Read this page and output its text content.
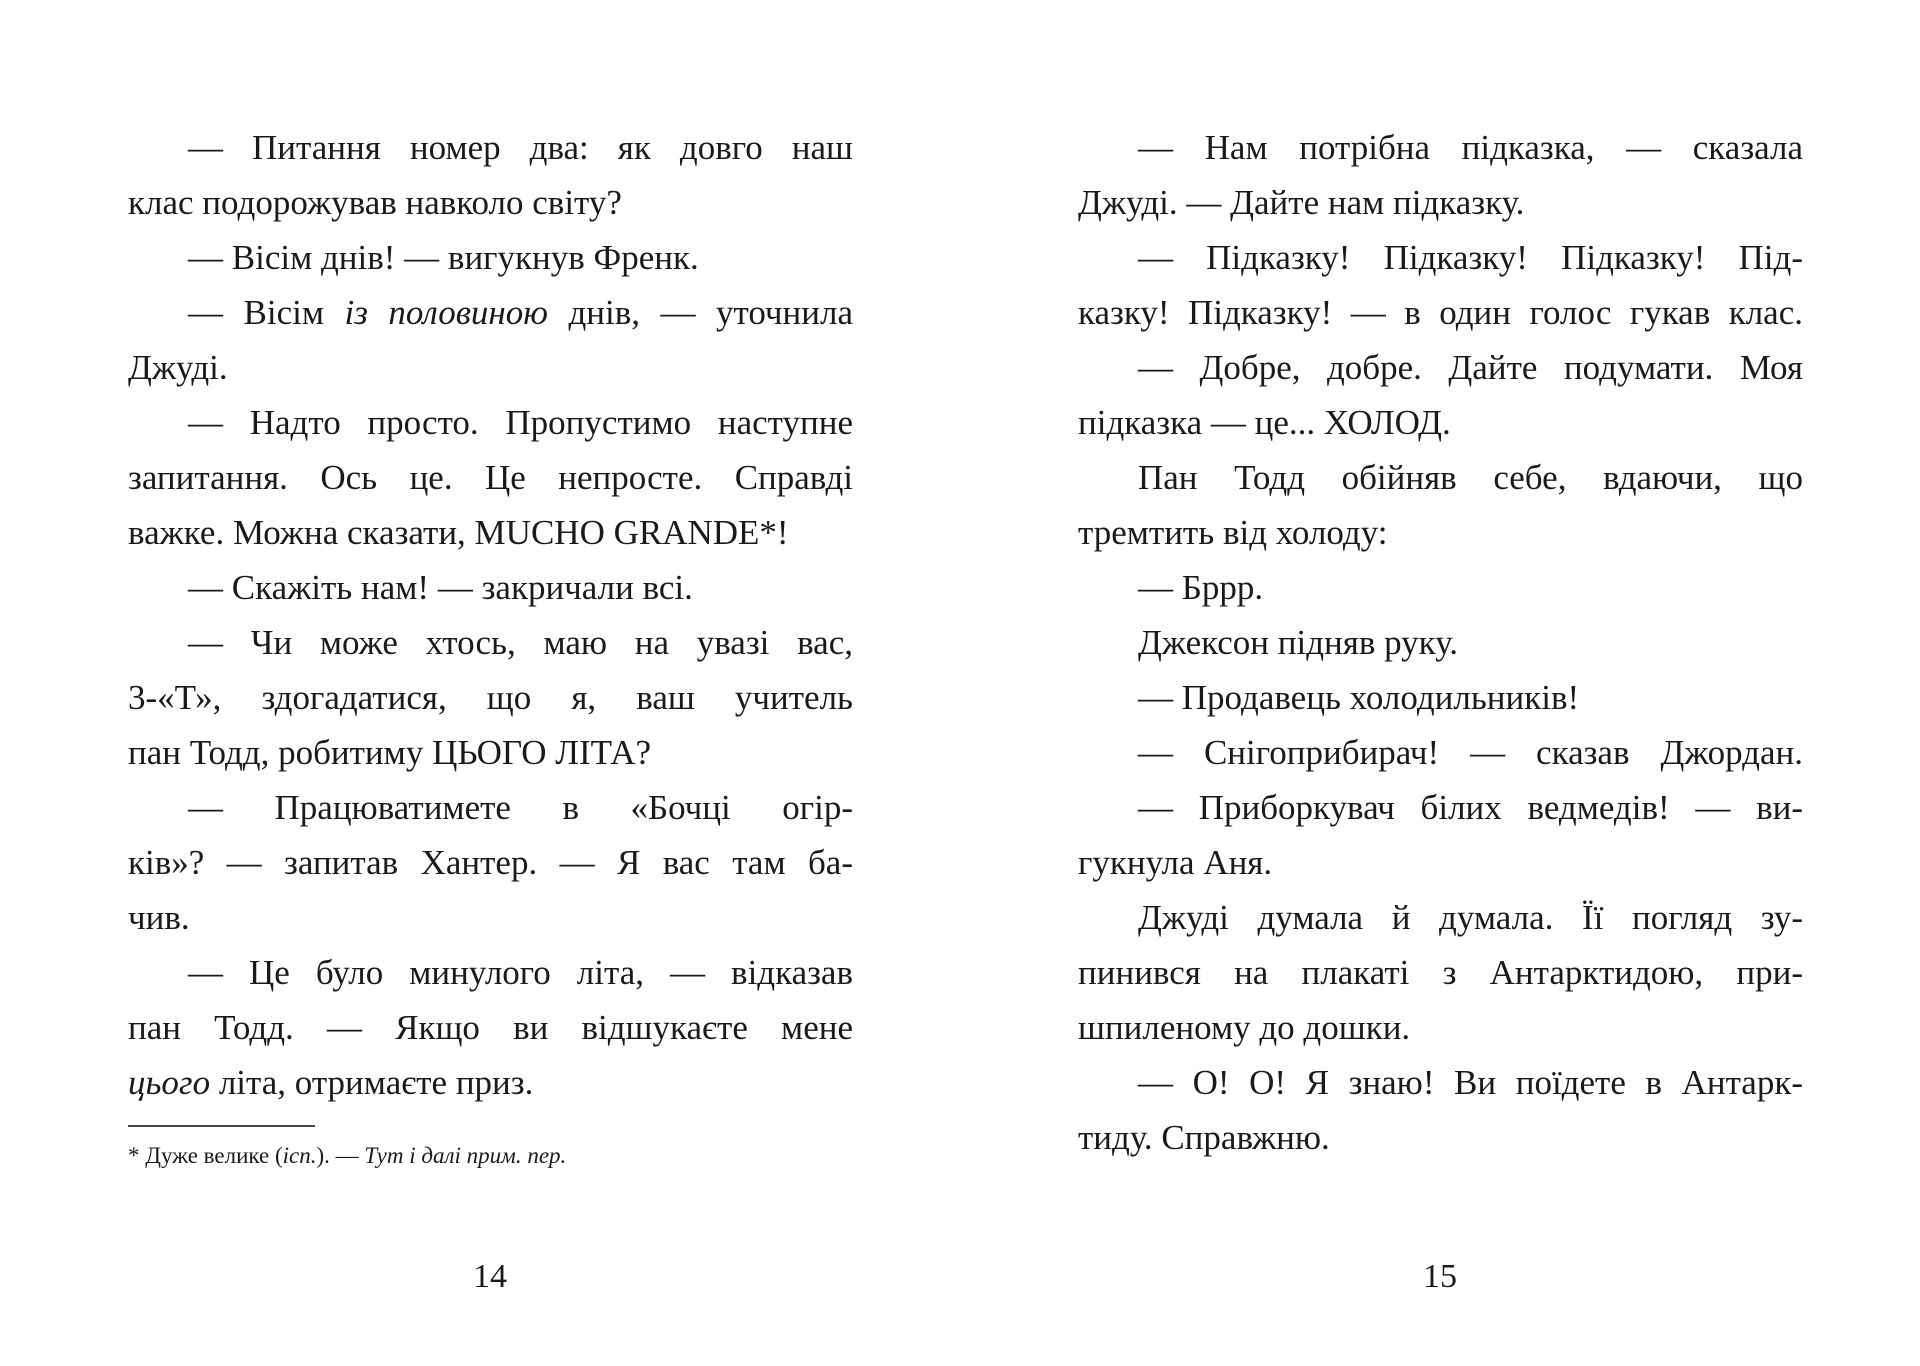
— Питання номер два: як довго наш
клас подорожував навколо світу?
— Вісім днів! — вигукнув Френк.
— Вісім із половиною днів, — уточнила
Джуді.
— Надто просто. Пропустимо наступне
запитання. Ось це. Це непросте. Справді
важке. Можна сказати, MUCHO GRANDE*!
— Скажіть нам! — закричали всі.
— Чи може хтось, маю на увазі вас,
3-«Т», здогадатися, що я, ваш учитель
пан Тодд, робитиму ЦЬОГО ЛІТА?
— Працюватимете в «Бочці огір-
ків»? — запитав Хантер. — Я вас там ба-
чив.
— Це було минулого літа, — відказав
пан Тодд. — Якщо ви відшукаєте мене
цього літа, отримаєте приз.
— Нам потрібна підказка, — сказала
Джуді. — Дайте нам підказку.
— Підказку! Підказку! Підказку! Під-
казку! Підказку! — в один голос гукав клас.
— Добре, добре. Дайте подумати. Моя
підказка — це... ХОЛОД.
Пан Тодд обійняв себе, вдаючи, що
тремтить від холоду:
— Бррр.
Джексон підняв руку.
— Продавець холодильників!
— Снігоприбирач! — сказав Джордан.
— Приборкувач білих ведмедів! — ви-
гукнула Аня.
Джуді думала й думала. Її погляд зу-
пинився на плакаті з Антарктидою, при-
шпиленому до дошки.
— О! О! Я знаю! Ви поїдете в Антарк-
тиду. Справжню.
* Дуже велике (ісп.). — Тут і далі прим. пер.
14	15
